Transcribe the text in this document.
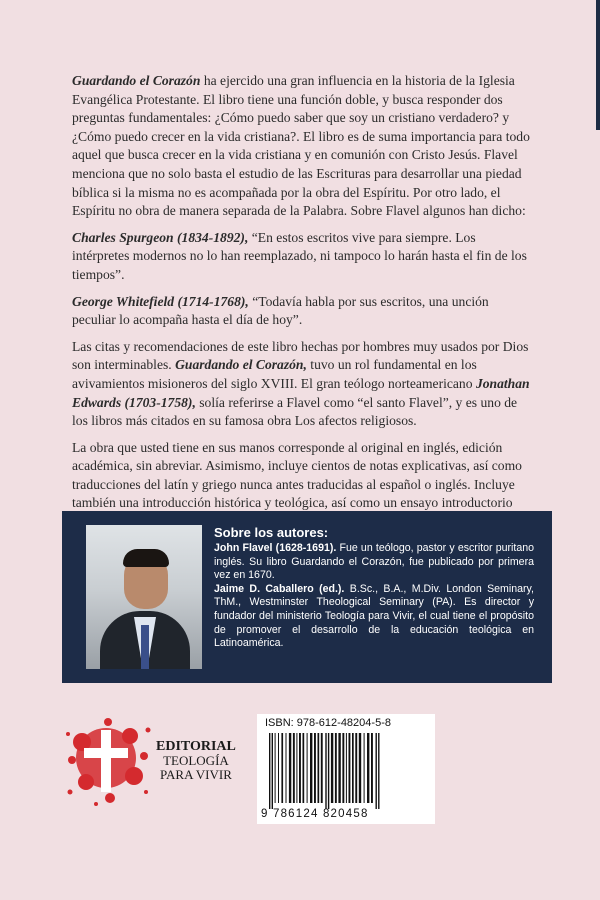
Guardando el Corazón ha ejercido una gran influencia en la historia de la Iglesia Evangélica Protestante. El libro tiene una función doble, y busca responder dos preguntas fundamentales: ¿Cómo puedo saber que soy un cristiano verdadero? y ¿Cómo puedo crecer en la vida cristiana?. El libro es de suma importancia para todo aquel que busca crecer en la vida cristiana y en comunión con Cristo Jesús. Flavel menciona que no solo basta el estudio de las Escrituras para desarrollar una piedad bíblica si la misma no es acompañada por la obra del Espíritu. Por otro lado, el Espíritu no obra de manera separada de la Palabra. Sobre Flavel algunos han dicho:

Charles Spurgeon (1834-1892), “En estos escritos vive para siempre. Los intérpretes modernos no lo han reemplazado, ni tampoco lo harán hasta el fin de los tiempos”.

George Whitefield (1714-1768), “Todavía habla por sus escritos, una unción peculiar lo acompaña hasta el día de hoy”.

Las citas y recomendaciones de este libro hechas por hombres muy usados por Dios son interminables. Guardando el Corazón, tuvo un rol fundamental en los avivamientos misioneros del siglo XVIII. El gran teólogo norteamericano Jonathan Edwards (1703-1758), solía referirse a Flavel como “el santo Flavel”, y es uno de los libros más citados en su famosa obra Los afectos religiosos.

La obra que usted tiene en sus manos corresponde al original en inglés, edición académica, sin abreviar. Asimismo, incluye cientos de notas explicativas, así como traducciones del latín y griego nunca antes traducidas al español o inglés. Incluye también una introducción histórica y teológica, así como un ensayo introductorio

Sobre los autores:

John Flavel (1628-1691). Fue un teólogo, pastor y escritor puritano inglés. Su libro Guardando el Corazón, fue publicado por primera vez en 1670.

Jaime D. Caballero (ed.). B.Sc., B.A., M.Div. London Seminary, ThM., Westminster Theological Seminary (PA). Es director y fundador del ministerio Teología para Vivir, el cual tiene el propósito de promover el desarrollo de la educación teológica en Latinoamérica.

EDITORIAL
TEOLOGÍA
PARA VIVIR
ISBN: 978-612-48204-5-8
9 786124 820458
